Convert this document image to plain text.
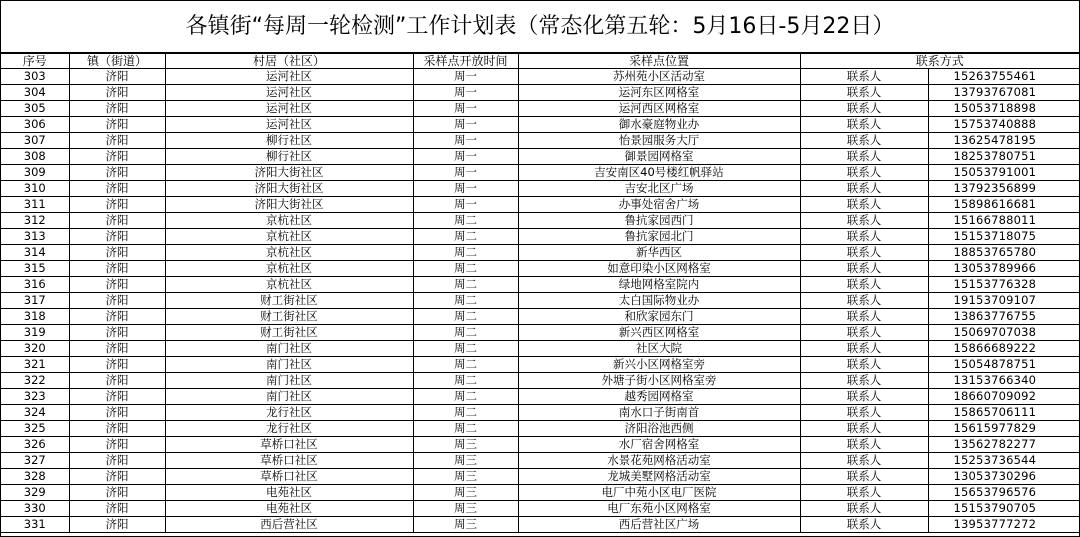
各镇街“每周一轮检测”工作计划表（常态化第五轮：5月16日-5月22日）
序号	镇（街道）	村居（社区）	采样点开放时间	采样点位置	联系方式	
303	济阳	运河社区	周一	苏州苑小区活动室	联系人	15263755461
304	济阳	运河社区	周一	运河东区网格室	联系人	13793767081
305	济阳	运河社区	周一	运河西区网格室	联系人	15053718898
306	济阳	运河社区	周一	御水豪庭物业办	联系人	15753740888
307	济阳	柳行社区	周一	怡景园服务大厅	联系人	13625478195
308	济阳	柳行社区	周一	御景园网格室	联系人	18253780751
309	济阳	济阳大街社区	周一	吉安南区40号楼红帆驿站	联系人	15053791001
310	济阳	济阳大街社区	周一	吉安北区广场	联系人	13792356899
311	济阳	济阳大街社区	周一	办事处宿舍广场	联系人	15898616681
312	济阳	京杭社区	周二	鲁抗家园西门	联系人	15166788011
313	济阳	京杭社区	周二	鲁抗家园北门	联系人	15153718075
314	济阳	京杭社区	周二	新华西区	联系人	18853765780
315	济阳	京杭社区	周二	如意印染小区网格室	联系人	13053789966
316	济阳	京杭社区	周二	绿地网格室院内	联系人	15153776328
317	济阳	财工街社区	周二	太白国际物业办	联系人	19153709107
318	济阳	财工街社区	周二	和欣家园东门	联系人	13863776755
319	济阳	财工街社区	周二	新兴西区网格室	联系人	15069707038
320	济阳	南门社区	周二	社区大院	联系人	15866689222
321	济阳	南门社区	周二	新兴小区网格室旁	联系人	15054878751
322	济阳	南门社区	周二	外塘子街小区网格室旁	联系人	13153766340
323	济阳	南门社区	周二	越秀园网格室	联系人	18660709092
324	济阳	龙行社区	周二	南水口子街南首	联系人	15865706111
325	济阳	龙行社区	周二	济阳浴池西侧	联系人	15615977829
326	济阳	草桥口社区	周三	水厂宿舍网格室	联系人	13562782277
327	济阳	草桥口社区	周三	水景花苑网格活动室	联系人	15253736544
328	济阳	草桥口社区	周三	龙城美墅网格活动室	联系人	13053730296
329	济阳	电苑社区	周三	电厂中苑小区电厂医院	联系人	15653796576
330	济阳	电苑社区	周三	电厂东苑小区网格室	联系人	15153790705
331	济阳	西后营社区	周三	西后营社区广场	联系人	13953777272
